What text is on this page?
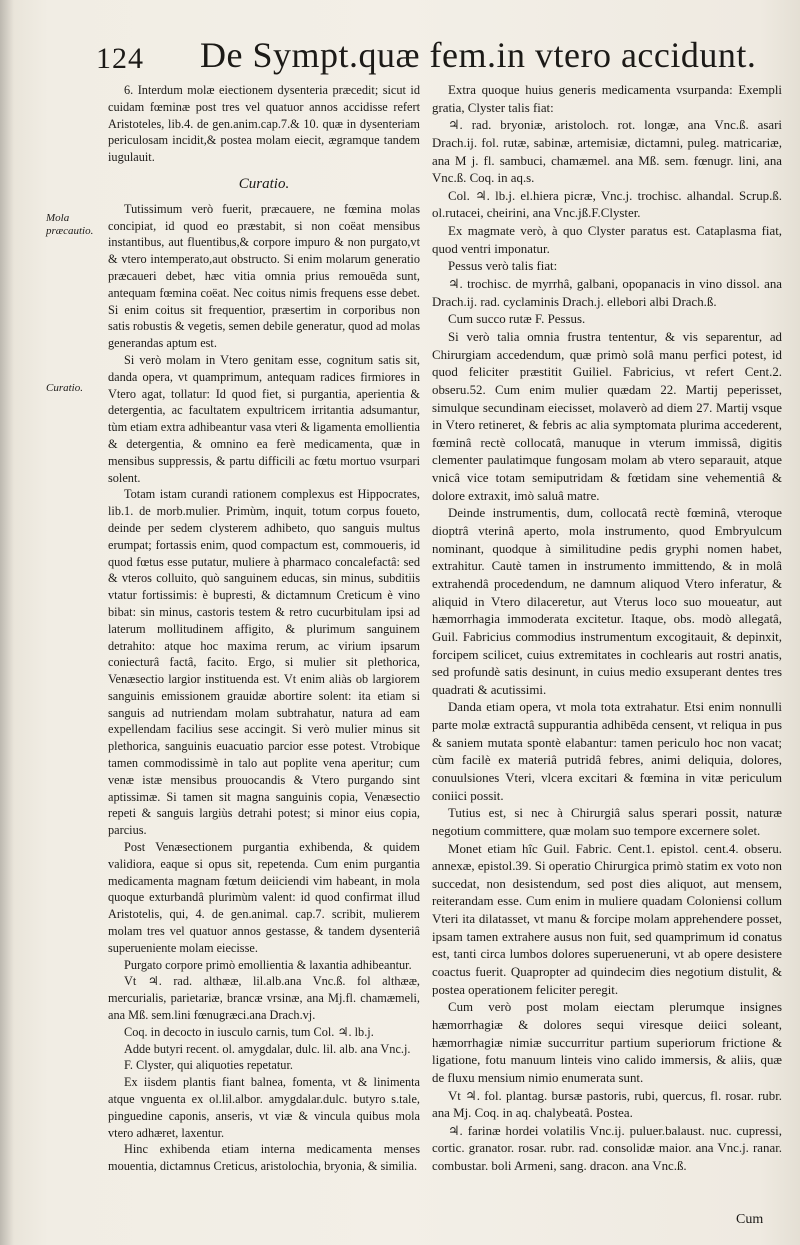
124 De Sympt.quæ fem.in vtero accidunt.
Mola præcautio.
Curatio.

6. Interdum molæ eiectionem dysenteria præcedit; sicut id cuidam fœminæ post tres vel quatuor annos accidisse refert Aristoteles, lib.4. de gen.anim.cap.7.& 10. quæ in dysenteriam periculosam incidit,& postea molam eiecit, ægramque tandem iugulauit.

Curatio.

Tutissimum verò fuerit, præcauere, ne fœmina molas concipiat, id quod eo præstabit, si non coëat mensibus instantibus, aut fluentibus,& corpore impuro & non purgato,vt & vtero intemperato,aut obstructo. Si enim molarum generatio præcaueri debet, hæc vitia omnia prius remouēda sunt, antequam fœmina coëat. Nec coitus nimis frequens esse debet. Si enim coitus sit frequentior, præsertim in corporibus non satis robustis & vegetis, semen debile generatur, quod ad molas generandas aptum est.

Si verò molam in Vtero genitam esse, cognitum satis sit, danda opera, vt quamprimum, antequam radices firmiores in Vtero agat, tollatur: Id quod fiet, si purgantia, aperientia & detergentia, ac facultatem expultricem irritantia adsumantur, tùm etiam extra adhibeantur vasa vteri & ligamenta emollientia & detergentia, & omnino ea ferè medicamenta, quæ in mensibus suppressis, & partu difficili ac fœtu mortuo vsurpari solent.

Totam istam curandi rationem complexus est Hippocrates, lib.1. de morb.mulier. Primùm, inquit, totum corpus foueto, deinde per sedem clysterem adhibeto, quo sanguis multus erumpat; fortassis enim, quod compactum est, commoueris, id quod fœtus esse putatur, muliere à pharmaco concalefactâ: sed & vteros colluito, quò sanguinem educas, sin minus, subditiis vtatur fortissimis: è bupresti, & dictamnum Creticum è vino bibat: sin minus, castoris testem & retro cucurbitulam ipsi ad laterum mollitudinem affigito, & plurimum sanguinem detrahito: atque hoc maxima rerum, ac virium ipsarum coniecturâ factâ, facito. Ergo, si mulier sit plethorica, Venæsectio largior instituenda est. Vt enim aliàs ob largiorem sanguinis emissionem grauidæ abortire solent: ita etiam si sanguis ad nutriendam molam subtrahatur, natura ad eam expellendam facilius sese accingit. Si verò mulier minus sit plethorica, sanguinis euacuatio parcior esse potest. Vtrobique tamen commodissimè in talo aut poplite vena aperitur; cum venæ istæ mensibus prouocandis & Vtero purgando sint aptissimæ. Si tamen sit magna sanguinis copia, Venæsectio repeti & sanguis largiùs detrahi potest; si minor eius copia, parcius.

Post Venæsectionem purgantia exhibenda, & quidem validiora, eaque si opus sit, repetenda. Cum enim purgantia medicamenta magnam fœtum deiiciendi vim habeant, in mola quoque exturbandâ plurimùm valent: id quod confirmat illud Aristotelis, qui, 4. de gen.animal. cap.7. scribit, mulierem molam tres vel quatuor annos gestasse, & tandem dysenteriâ superueniente molam eiecisse.

Purgato corpore primò emollientia & laxantia adhibeantur.

Vt ♃. rad. althææ, lil.alb.ana Vnc.ß. fol althææ, mercurialis, parietariæ, brancæ vrsinæ, ana Mj.fl. chamæmeli, ana Mß. sem.lini fœnugræci.ana Drach.vj.

Coq. in decocto in iusculo carnis, tum Col. ♃. lb.j.

Adde butyri recent. ol. amygdalar, dulc. lil. alb. ana Vnc.j.

F. Clyster, qui aliquoties repetatur.

Ex iisdem plantis fiant balnea, fomenta, vt & linimenta atque vnguenta ex ol.lil.albor. amygdalar.dulc. butyro s.tale, pinguedine caponis, anseris, vt viæ & vincula quibus mola vtero adhæret, laxentur.

Hinc exhibenda etiam interna medicamenta menses mouentia, dictamnus Creticus, aristolochia, bryonia, & similia.

Extra quoque huius generis medicamenta vsurpanda: Exempli gratia, Clyster talis fiat:

♃. rad. bryoniæ, aristoloch. rot. longæ, ana Vnc.ß. asari Drach.ij. fol. rutæ, sabinæ, artemisiæ, dictamni, puleg. matricariæ, ana M j. fl. sambuci, chamæmel. ana Mß. sem. fœnugr. lini, ana Vnc.ß. Coq. in aq.s.

Col. ♃. lb.j. el.hiera picræ, Vnc.j. trochisc. alhandal. Scrup.ß. ol.rutacei, cheirini, ana Vnc.jß.F.Clyster.

Ex magmate verò, à quo Clyster paratus est. Cataplasma fiat, quod ventri imponatur.

Pessus verò talis fiat:

♃. trochisc. de myrrhâ, galbani, opopanacis in vino dissol. ana Drach.ij. rad. cyclaminis Drach.j. ellebori albi Drach.ß.

Cum succo rutæ F. Pessus.

Si verò talia omnia frustra tententur, & vis separentur, ad Chirurgiam accedendum, quæ primò solâ manu perfici potest, id quod feliciter præstitit Guiliel. Fabricius, vt refert Cent.2. obseru.52. Cum enim mulier quædam 22. Martij peperisset, simulque secundinam eiecisset, molaverò ad diem 27. Martij vsque in Vtero retineret, & febris ac alia symptomata plurima accederent, fœminâ rectè collocatâ, manuque in vterum immissâ, digitis clementer paulatimque fungosam molam ab vtero separauit, atque vnicâ vice totam semiputridam & fœtidam sine vehementiâ & dolore extraxit, imò saluâ matre.

Deinde instrumentis, dum, collocatâ rectè fœminâ, vteroque dioptrâ vterinâ aperto, mola instrumento, quod Embryulcum nominant, quodque à similitudine pedis gryphi nomen habet, extrahitur. Cautè tamen in instrumento immittendo, & in molâ extrahendâ procedendum, ne damnum aliquod Vtero inferatur, & aliquid in Vtero dilaceretur, aut Vterus loco suo moueatur, aut hæmorrhagia immoderata excitetur. Itaque, obs. modò allegatâ, Guil. Fabricius commodius instrumentum excogitauit, & depinxit, forcipem scilicet, cuius extremitates in cochlearis aut rostri anatis, sed profundè satis desinunt, in cuius medio exsuperant dentes tres quadrati & acutissimi.

Danda etiam opera, vt mola tota extrahatur. Etsi enim nonnulli parte molæ extractâ suppurantia adhibēda censent, vt reliqua in pus & saniem mutata spontè elabantur: tamen periculo hoc non vacat; cùm facilè ex materiâ putridâ febres, animi deliquia, dolores, conuulsiones Vteri, vlcera excitari & fœmina in vitæ periculum coniici possit.

Tutius est, si nec à Chirurgiâ salus sperari possit, naturæ negotium committere, quæ molam suo tempore excernere solet.

Monet etiam hîc Guil. Fabric. Cent.1. epistol. cent.4. obseru. annexæ, epistol.39. Si operatio Chirurgica primò statim ex voto non succedat, non desistendum, sed post dies aliquot, aut mensem, reiterandam esse. Cum enim in muliere quadam Coloniensi collum Vteri ita dilatasset, vt manu & forcipe molam apprehendere posset, ipsam tamen extrahere ausus non fuit, sed quamprimum id conatus est, tanti circa lumbos dolores superueneruni, vt ab opere desistere coactus fuerit. Quapropter ad quindecim dies negotium distulit, & postea operationem feliciter peregit.

Cum verò post molam eiectam plerumque insignes hæmorrhagiæ & dolores sequi viresque deiici soleant, hæmorrhagiæ nimiæ succurritur partium superiorum frictione & ligatione, fotu manuum linteis vino calido immersis, & aliis, quæ de fluxu mensium nimio enumerata sunt.

Vt ♃. fol. plantag. bursæ pastoris, rubi, quercus, fl. rosar. rubr. ana Mj. Coq. in aq. chalybeatâ. Postea.

♃. farinæ hordei volatilis Vnc.ij. puluer.balaust. nuc. cupressi, cortic. granator. rosar. rubr. rad. consolidæ maior. ana Vnc.j. ranar. combustar. boli Armeni, sang. dracon. ana Vnc.ß.

Cum
